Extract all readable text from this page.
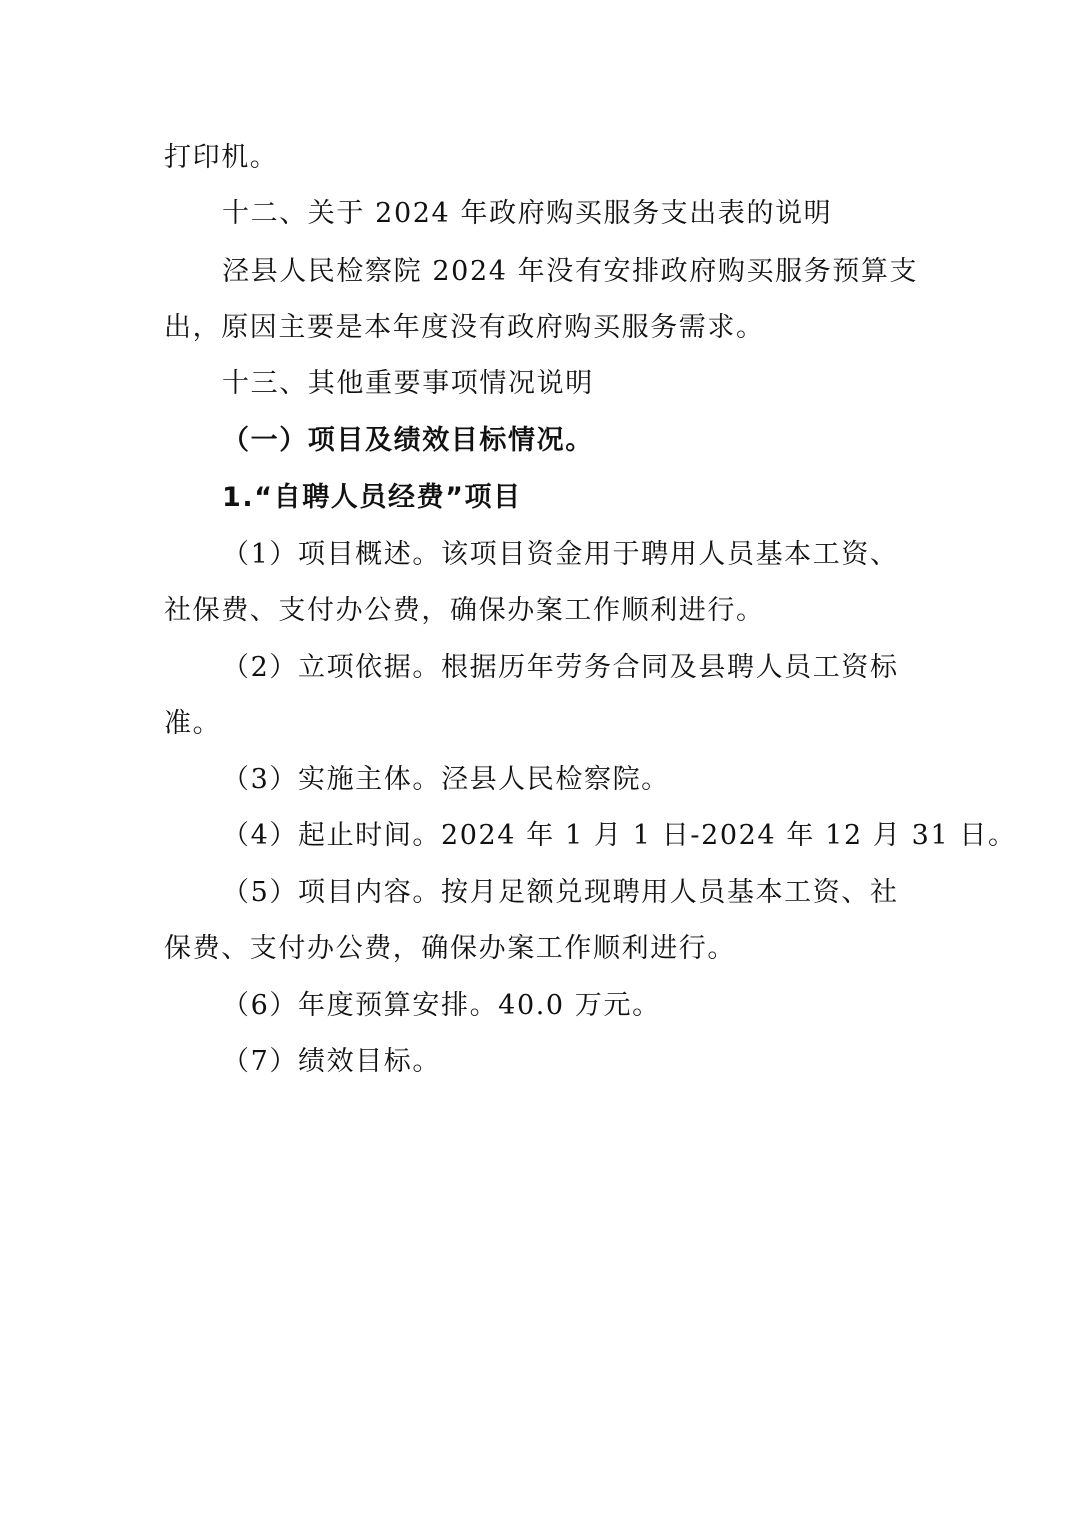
打印机。

十二、关于 2024 年政府购买服务支出表的说明

泾县人民检察院 2024 年没有安排政府购买服务预算支

出，原因主要是本年度没有政府购买服务需求。

十三、其他重要事项情况说明

（一）项目及绩效目标情况。

1.“自聘人员经费”项目

（1）项目概述。该项目资金用于聘用人员基本工资、

社保费、支付办公费，确保办案工作顺利进行。

（2）立项依据。根据历年劳务合同及县聘人员工资标

准。

（3）实施主体。泾县人民检察院。

（4）起止时间。2024 年 1 月 1 日-2024 年 12 月 31 日。

（5）项目内容。按月足额兑现聘用人员基本工资、社

保费、支付办公费，确保办案工作顺利进行。

（6）年度预算安排。40.0 万元。

（7）绩效目标。
